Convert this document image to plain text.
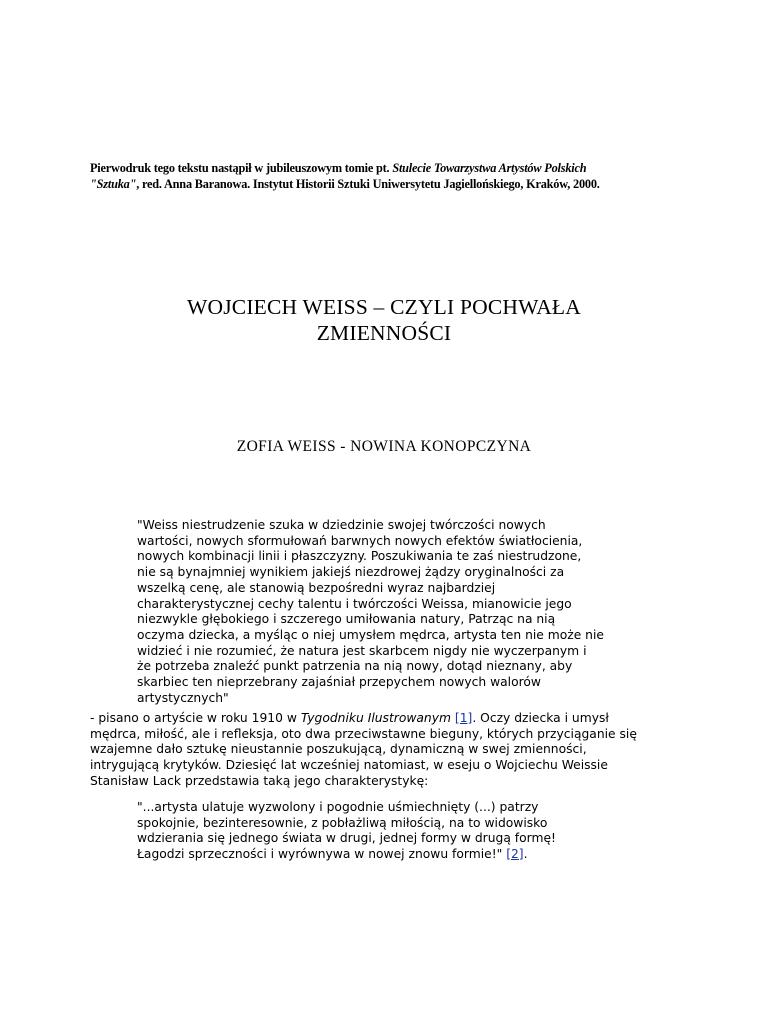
Pierwodruk tego tekstu nastąpił w jubileuszowym tomie pt. Stulecie Towarzystwa Artystów Polskich
"Sztuka", red. Anna Baranowa. Instytut Historii Sztuki Uniwersytetu Jagiellońskiego, Kraków, 2000.
WOJCIECH WEISS – CZYLI POCHWAŁA
ZMIENNOŚCI
ZOFIA WEISS - NOWINA KONOPCZYNA
"Weiss niestrudzenie szuka w dziedzinie swojej twórczości nowych
wartości, nowych sformułowań barwnych nowych efektów światłocienia,
nowych kombinacji linii i płaszczyzny. Poszukiwania te zaś niestrudzone,
nie są bynajmniej wynikiem jakiejś niezdrowej żądzy oryginalności za
wszelką cenę, ale stanowią bezpośredni wyraz najbardziej
charakterystycznej cechy talentu i twórczości Weissa, mianowicie jego
niezwykle głębokiego i szczerego umiłowania natury, Patrząc na nią
oczyma dziecka, a myśląc o niej umysłem mędrca, artysta ten nie może nie
widzieć i nie rozumieć, że natura jest skarbcem nigdy nie wyczerpanym i
że potrzeba znaleźć punkt patrzenia na nią nowy, dotąd nieznany, aby
skarbiec ten nieprzebrany zajaśniał przepychem nowych walorów
artystycznych"
- pisano o artyście w roku 1910 w Tygodniku Ilustrowanym [1]. Oczy dziecka i umysł
mędrca, miłość, ale i refleksja, oto dwa przeciwstawne bieguny, których przyciąganie się
wzajemne dało sztukę nieustannie poszukującą, dynamiczną w swej zmienności,
intrygującą krytyków. Dziesięć lat wcześniej natomiast, w eseju o Wojciechu Weissie
Stanisław Lack przedstawia taką jego charakterystykę:
"...artysta ulatuje wyzwolony i pogodnie uśmiechnięty (...) patrzy
spokojnie, bezinteresownie, z pobłażliwą miłością, na to widowisko
wdzierania się jednego świata w drugi, jednej formy w drugą formę!
Łagodzi sprzeczności i wyrównywa w nowej znowu formie!" [2].
